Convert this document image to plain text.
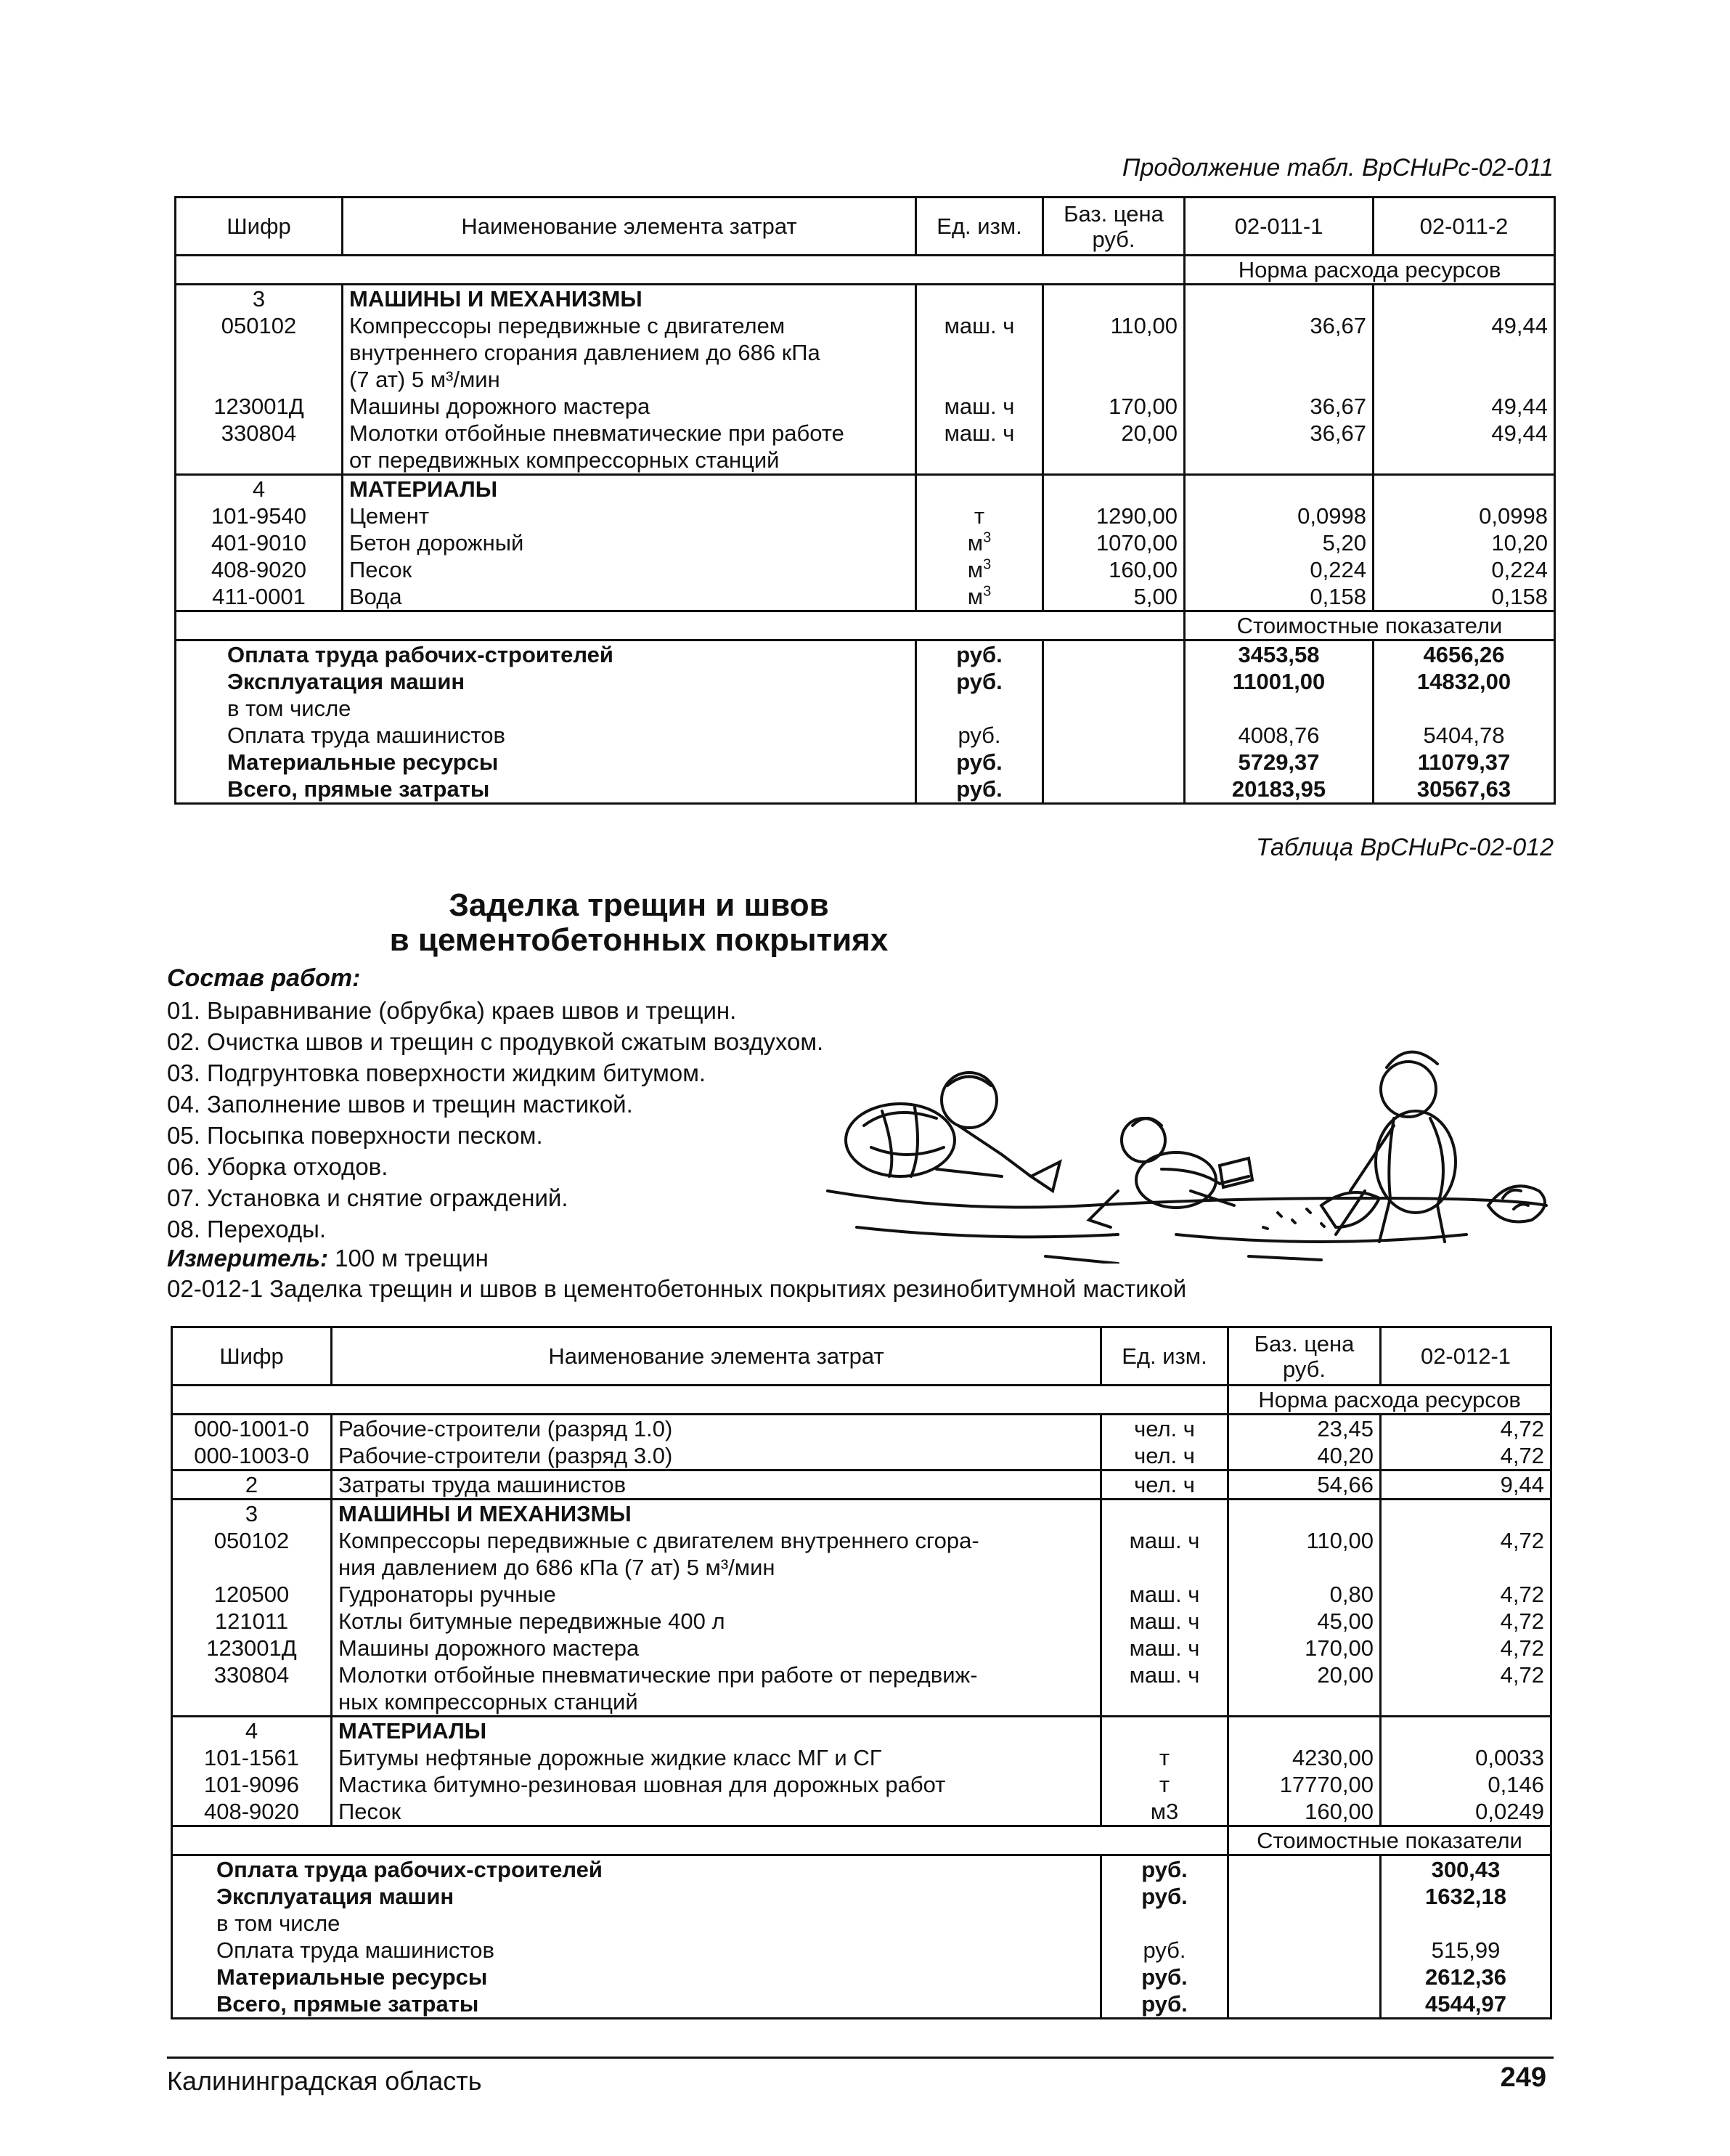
Продолжение табл. ВрСНиРс-02-011
Шифр	Наименование элемента затрат	Ед. изм.	Баз. цена руб.	02-011-1	02-011-2
				Норма расхода ресурсов	
3	МАШИНЫ И МЕХАНИЗМЫ				
050102	Компрессоры передвижные с двигателем
внутреннего сгорания давлением до 686 кПа
(7 ат) 5 м³/мин	маш. ч	110,00	36,67	49,44
123001Д	Машины дорожного мастера	маш. ч	170,00	36,67	49,44
330804	Молотки отбойные пневматические при работе
от передвижных компрессорных станций	маш. ч	20,00	36,67	49,44
4	МАТЕРИАЛЫ				
101-9540	Цемент	т	1290,00	0,0998	0,0998
401-9010	Бетон дорожный	$м^3$	1070,00	5,20	10,20
408-9020	Песок	$м^3$	160,00	0,224	0,224
411-0001	Вода	$м^3$	5,00	0,158	0,158
				Стоимостные показатели	
Оплата труда рабочих-строителей		руб.		3453,58	4656,26
Эксплуатация машин		руб.		11001,00	14832,00
в том числе					
Оплата труда машинистов		руб.		4008,76	5404,78
Материальные ресурсы		руб.		5729,37	11079,37
Всего, прямые затраты		руб.		20183,95	30567,63
Таблица ВрСНиРс-02-012
Заделка трещин и швов
в цементобетонных покрытиях
Состав работ:
01. Выравнивание (обрубка) краев швов и трещин.
02. Очистка швов и трещин с продувкой сжатым воздухом.
03. Подгрунтовка поверхности жидким битумом.
04. Заполнение швов и трещин мастикой.
05. Посыпка поверхности песком.
06. Уборка отходов.
07. Установка и снятие ограждений.
08. Переходы.
Измеритель: 100 м трещин
02-012-1 Заделка трещин и швов в цементобетонных покрытиях резинобитумной мастикой
Шифр	Наименование элемента затрат	Ед. изм.	Баз. цена руб.	02-012-1
			Норма расхода ресурсов	
000-1001-0	Рабочие-строители (разряд 1.0)	чел. ч	23,45	4,72
000-1003-0	Рабочие-строители (разряд 3.0)	чел. ч	40,20	4,72
2	Затраты труда машинистов	чел. ч	54,66	9,44
3	МАШИНЫ И МЕХАНИЗМЫ			
050102	Компрессоры передвижные с двигателем внутреннего сгора-
ния давлением до 686 кПа (7 ат) 5 м³/мин	маш. ч	110,00	4,72
120500	Гудронаторы ручные	маш. ч	0,80	4,72
121011	Котлы битумные передвижные 400 л	маш. ч	45,00	4,72
123001Д	Машины дорожного мастера	маш. ч	170,00	4,72
330804	Молотки отбойные пневматические при работе от передвиж-
ных компрессорных станций	маш. ч	20,00	4,72
4	МАТЕРИАЛЫ			
101-1561	Битумы нефтяные дорожные жидкие класс МГ и СГ	т	4230,00	0,0033
101-9096	Мастика битумно-резиновая шовная для дорожных работ	т	17770,00	0,146
408-9020	Песок	м3	160,00	0,0249
			Стоимостные показатели	
Оплата труда рабочих-строителей		руб.		300,43
Эксплуатация машин		руб.		1632,18
в том числе				
Оплата труда машинистов		руб.		515,99
Материальные ресурсы		руб.		2612,36
Всего, прямые затраты		руб.		4544,97
Калининградская область	249
